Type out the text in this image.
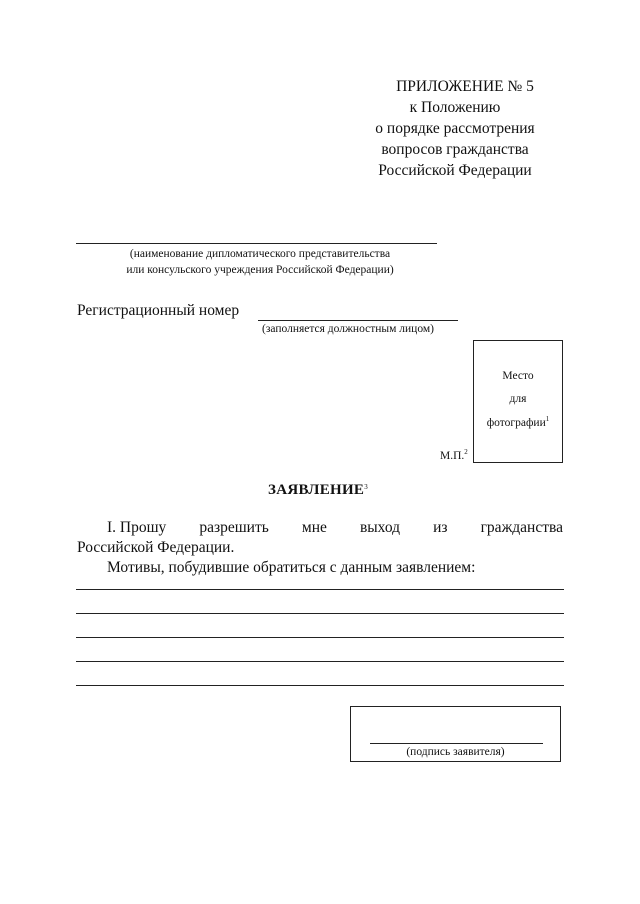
ПРИЛОЖЕНИЕ № 5
к Положению
о порядке рассмотрения
вопросов гражданства
Российской Федерации
(наименование дипломатического представительства
или консульского учреждения Российской Федерации)
Регистрационный номер
(заполняется должностным лицом)
Место
для
фотографии$^1$
М.П.$^2$
ЗАЯВЛЕНИЕ$^3$
I. Прошу разрешить мне выход из гражданства
Российской Федерации.
Мотивы, побудившие обратиться с данным заявлением:
(подпись заявителя)
